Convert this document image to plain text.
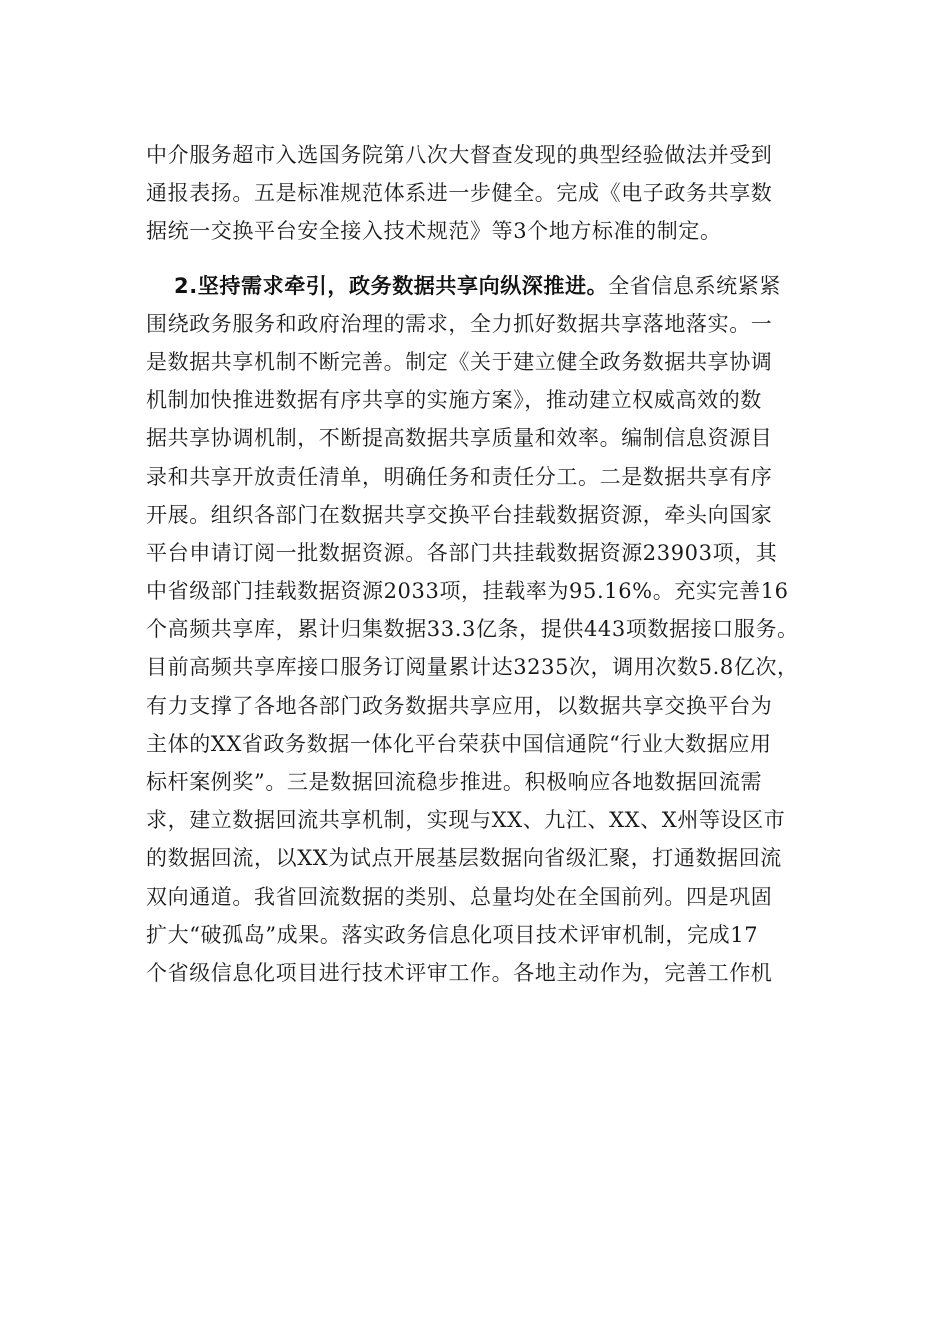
中介服务超市入选国务院第八次大督查发现的典型经验做法并受到
通报表扬。五是标准规范体系进一步健全。完成《电子政务共享数
据统一交换平台安全接入技术规范》等3个地方标准的制定。
2.坚持需求牵引，政务数据共享向纵深推进。全省信息系统紧紧
围绕政务服务和政府治理的需求，全力抓好数据共享落地落实。一
是数据共享机制不断完善。制定《关于建立健全政务数据共享协调
机制加快推进数据有序共享的实施方案》，推动建立权威高效的数
据共享协调机制，不断提高数据共享质量和效率。编制信息资源目
录和共享开放责任清单，明确任务和责任分工。二是数据共享有序
开展。组织各部门在数据共享交换平台挂载数据资源，牵头向国家
平台申请订阅一批数据资源。各部门共挂载数据资源23903项，其
中省级部门挂载数据资源2033项，挂载率为95.16%。充实完善16
个高频共享库，累计归集数据33.3亿条，提供443项数据接口服务。
目前高频共享库接口服务订阅量累计达3235次，调用次数5.8亿次，
有力支撑了各地各部门政务数据共享应用，以数据共享交换平台为
主体的XX省政务数据一体化平台荣获中国信通院“行业大数据应用
标杆案例奖”。三是数据回流稳步推进。积极响应各地数据回流需
求，建立数据回流共享机制，实现与XX、九江、XX、X州等设区市
的数据回流，以XX为试点开展基层数据向省级汇聚，打通数据回流
双向通道。我省回流数据的类别、总量均处在全国前列。四是巩固
扩大“破孤岛”成果。落实政务信息化项目技术评审机制，完成17
个省级信息化项目进行技术评审工作。各地主动作为，完善工作机
